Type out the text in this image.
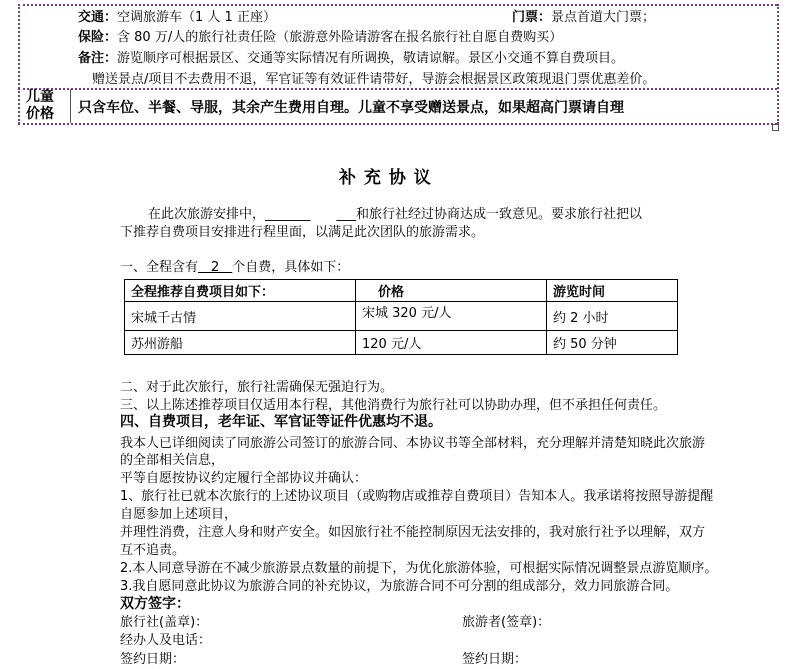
交通：空调旅游车（1 人 1 正座）	门票：景点首道大门票；
保险：含 80 万/人的旅行社责任险（旅游意外险请游客在报名旅行社自愿自费购买）
备注：游览顺序可根据景区、交通等实际情况有所调换，敬请谅解。景区小交通不算自费项目。
赠送景点/项目不去费用不退，军官证等有效证件请带好，导游会根据景区政策现退门票优惠差价。
儿童
价格 只含车位、半餐、导服，其余产生费用自理。儿童不享受赠送景点，如果超高门票请自理
补 充 协 议
在此次旅游安排中，_______　　___和旅行社经过协商达成一致意见。要求旅行社把以
下推荐自费项目安排进行程里面，以满足此次团队的旅游需求。
一、全程含有　2　个自费，具体如下：
全程推荐自费项目如下：	价格	游览时间
宋城千古情	宋城 320 元/人	约 2 小时
苏州游船	120 元/人	约 50 分钟
二、对于此次旅行，旅行社需确保无强迫行为。
三、以上陈述推荐项目仅适用本行程，其他消费行为旅行社可以协助办理，但不承担任何责任。
四、自费项目，老年证、军官证等证件优惠均不退。
我本人已详细阅读了同旅游公司签订的旅游合同、本协议书等全部材料，充分理解并清楚知晓此次旅游
的全部相关信息，
平等自愿按协议约定履行全部协议并确认：
1、旅行社已就本次旅行的上述协议项目（或购物店或推荐自费项目）告知本人。我承诺将按照导游提醒
自愿参加上述项目，
并理性消费，注意人身和财产安全。如因旅行社不能控制原因无法安排的，我对旅行社予以理解，双方
互不追责。
2.本人同意导游在不减少旅游景点数量的前提下，为优化旅游体验，可根据实际情况调整景点游览顺序。
3.我自愿同意此协议为旅游合同的补充协议，为旅游合同不可分割的组成部分，效力同旅游合同。
双方签字：
旅行社(盖章)：	旅游者(签章)：
经办人及电话：
签约日期：	签约日期：
